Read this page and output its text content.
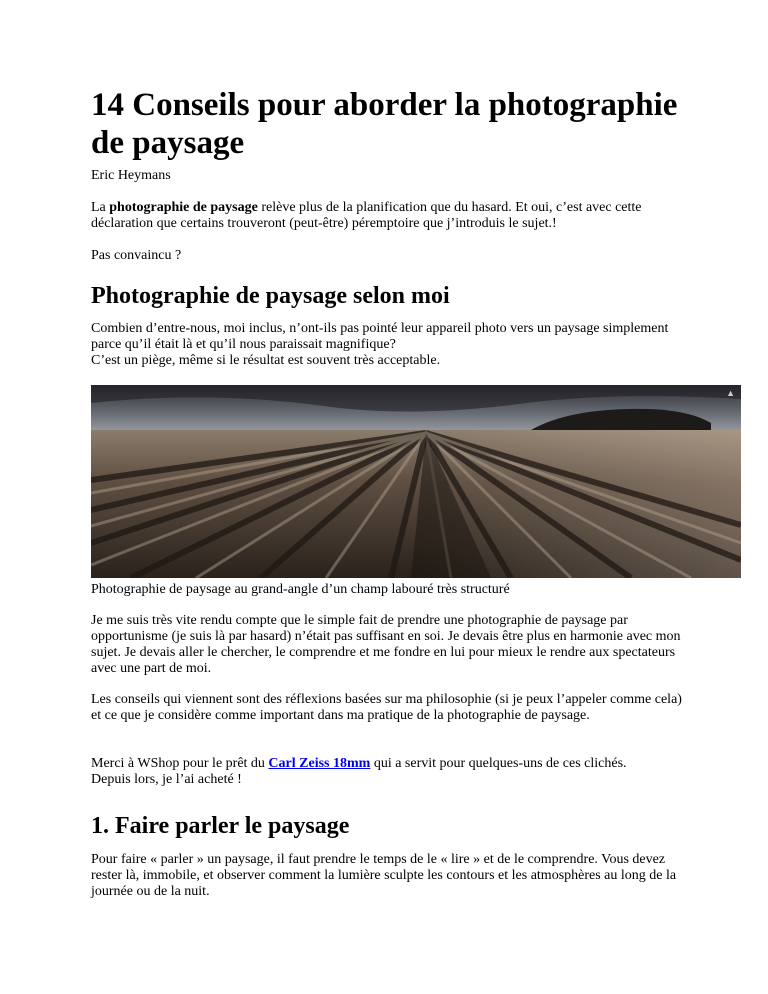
14 Conseils pour aborder la photographie de paysage

Eric Heymans

La photographie de paysage relève plus de la planification que du hasard. Et oui, c’est avec cette déclaration que certains trouveront (peut-être) péremptoire que j’introduis le sujet.!

Pas convaincu ?

Photographie de paysage selon moi

Combien d’entre-nous, moi inclus, n’ont-ils pas pointé leur appareil photo vers un paysage simplement parce qu’il était là et qu’il nous paraissait magnifique?
C’est un piège, même si le résultat est souvent très acceptable.

▲

Photographie de paysage au grand-angle d’un champ labouré très structuré

Je me suis très vite rendu compte que le simple fait de prendre une photographie de paysage par opportunisme (je suis là par hasard) n’était pas suffisant en soi. Je devais être plus en harmonie avec mon sujet. Je devais aller le chercher, le comprendre et me fondre en lui pour mieux le rendre aux spectateurs avec une part de moi.

Les conseils qui viennent sont des réflexions basées sur ma philosophie (si je peux l’appeler comme cela) et ce que je considère comme important dans ma pratique de la photographie de paysage.

Merci à WShop pour le prêt du Carl Zeiss 18mm qui a servit pour quelques-uns de ces clichés. Depuis lors, je l’ai acheté !

1. Faire parler le paysage

Pour faire « parler » un paysage, il faut prendre le temps de le « lire » et de le comprendre. Vous devez rester là, immobile, et observer comment la lumière sculpte les contours et les atmosphères au long de la journée ou de la nuit.
